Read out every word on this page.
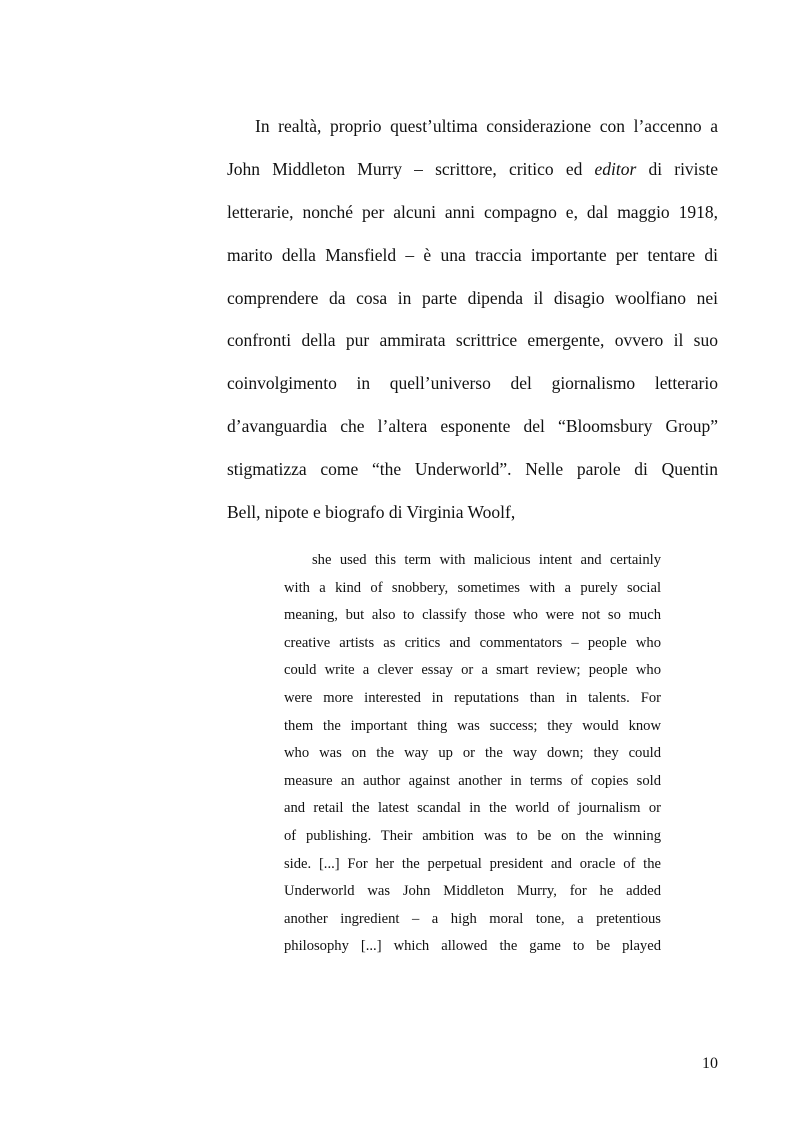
In realtà, proprio quest’ultima considerazione con l’accenno a
John Middleton Murry – scrittore, critico ed editor di riviste
letterarie, nonché per alcuni anni compagno e, dal maggio 1918,
marito della Mansfield – è una traccia importante per tentare di
comprendere da cosa in parte dipenda il disagio woolfiano nei
confronti della pur ammirata scrittrice emergente, ovvero il suo
coinvolgimento in quell’universo del giornalismo letterario
d’avanguardia che l’altera esponente del “Bloomsbury Group”
stigmatizza come “the Underworld”. Nelle parole di Quentin
Bell, nipote e biografo di Virginia Woolf,
she used this term with malicious intent and certainly
with a kind of snobbery, sometimes with a purely social
meaning, but also to classify those who were not so much
creative artists as critics and commentators – people who
could write a clever essay or a smart review; people who
were more interested in reputations than in talents. For
them the important thing was success; they would know
who was on the way up or the way down; they could
measure an author against another in terms of copies sold
and retail the latest scandal in the world of journalism or
of publishing. Their ambition was to be on the winning
side. [...] For her the perpetual president and oracle of the
Underworld was John Middleton Murry, for he added
another ingredient – a high moral tone, a pretentious
philosophy [...] which allowed the game to be played
10
